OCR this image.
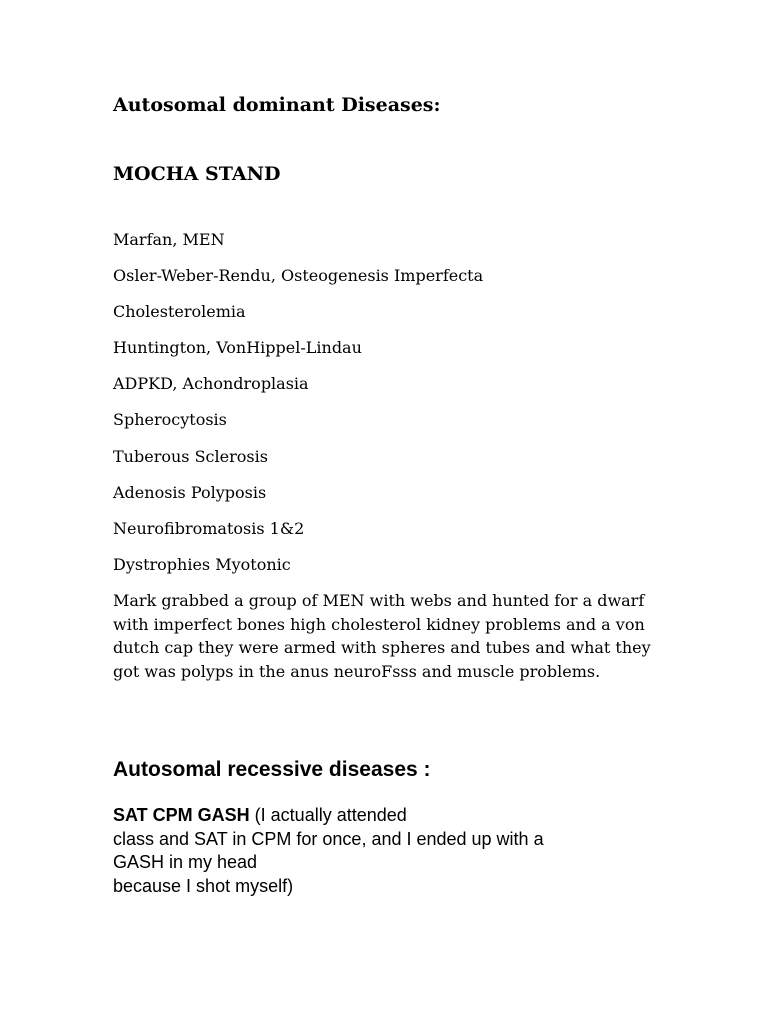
Autosomal dominant Diseases:
MOCHA STAND
Marfan, MEN
Osler-Weber-Rendu, Osteogenesis Imperfecta
Cholesterolemia
Huntington, VonHippel-Lindau
ADPKD, Achondroplasia
Spherocytosis
Tuberous Sclerosis
Adenosis Polyposis
Neurofibromatosis 1&2
Dystrophies Myotonic

Mark grabbed a group of MEN with webs and hunted for a dwarf with imperfect bones high cholesterol kidney problems and a von dutch cap they were armed with spheres and tubes and what they got was polyps in the anus neuroFsss and muscle problems.

Autosomal recessive diseases :

SAT CPM GASH (I actually attended
class and SAT in CPM for once, and I ended up with a
GASH in my head
because I shot myself)
